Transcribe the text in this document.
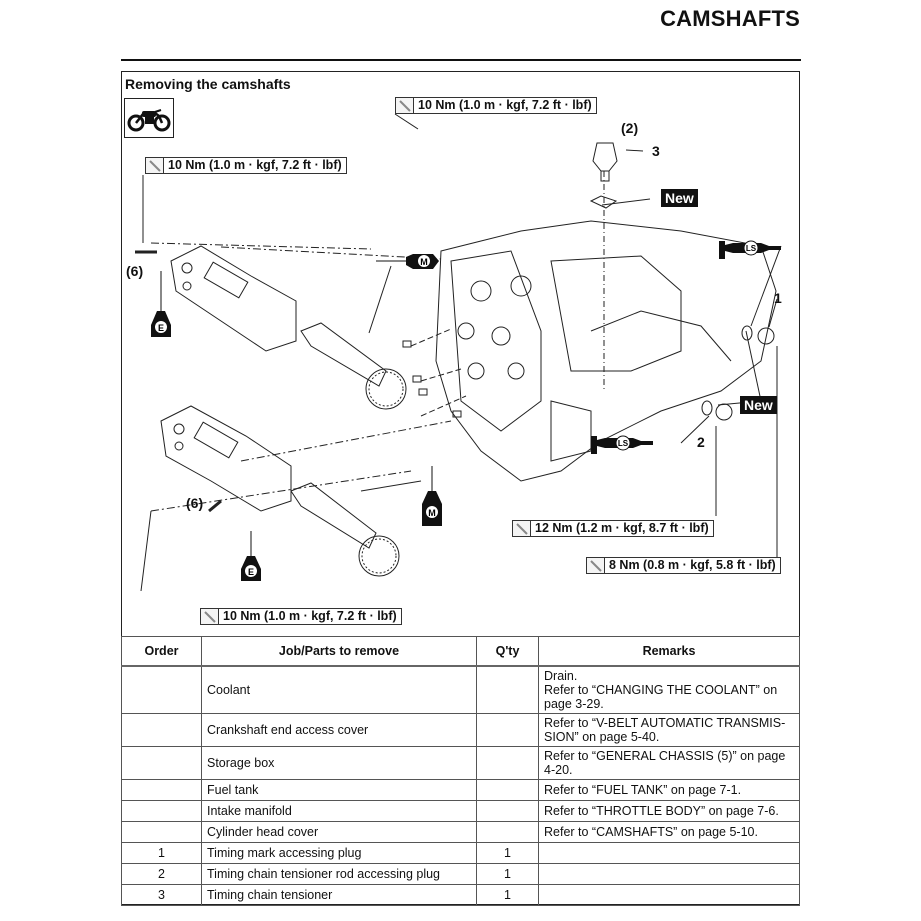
CAMSHAFTS
Removing the camshafts
E
E
M
M
LS
LS
10 Nm (1.0 m · kgf, 7.2 ft · lbf)
10 Nm (1.0 m · kgf, 7.2 ft · lbf)
12 Nm (1.2 m · kgf, 8.7 ft · lbf)
8 Nm (0.8 m · kgf, 5.8 ft · lbf)
10 Nm (1.0 m · kgf, 7.2 ft · lbf)
(2)
3
(6)
(6)
1
2
New
New
Order	Job/Parts to remove	Q'ty	Remarks
	Coolant		Drain.
Refer to “CHANGING THE COOLANT” on
page 3-29.

	Crankshaft end access cover		Refer to “V-BELT AUTOMATIC TRANSMIS-
SION” on page 5-40.

	Storage box		Refer to “GENERAL CHASSIS (5)” on page
4-20.

	Fuel tank		Refer to “FUEL TANK” on page 7-1.
	Intake manifold		Refer to “THROTTLE BODY” on page 7-6.
	Cylinder head cover		Refer to “CAMSHAFTS” on page 5-10.
1	Timing mark accessing plug	1	
2	Timing chain tensioner rod accessing plug	1	
3	Timing chain tensioner	1	
